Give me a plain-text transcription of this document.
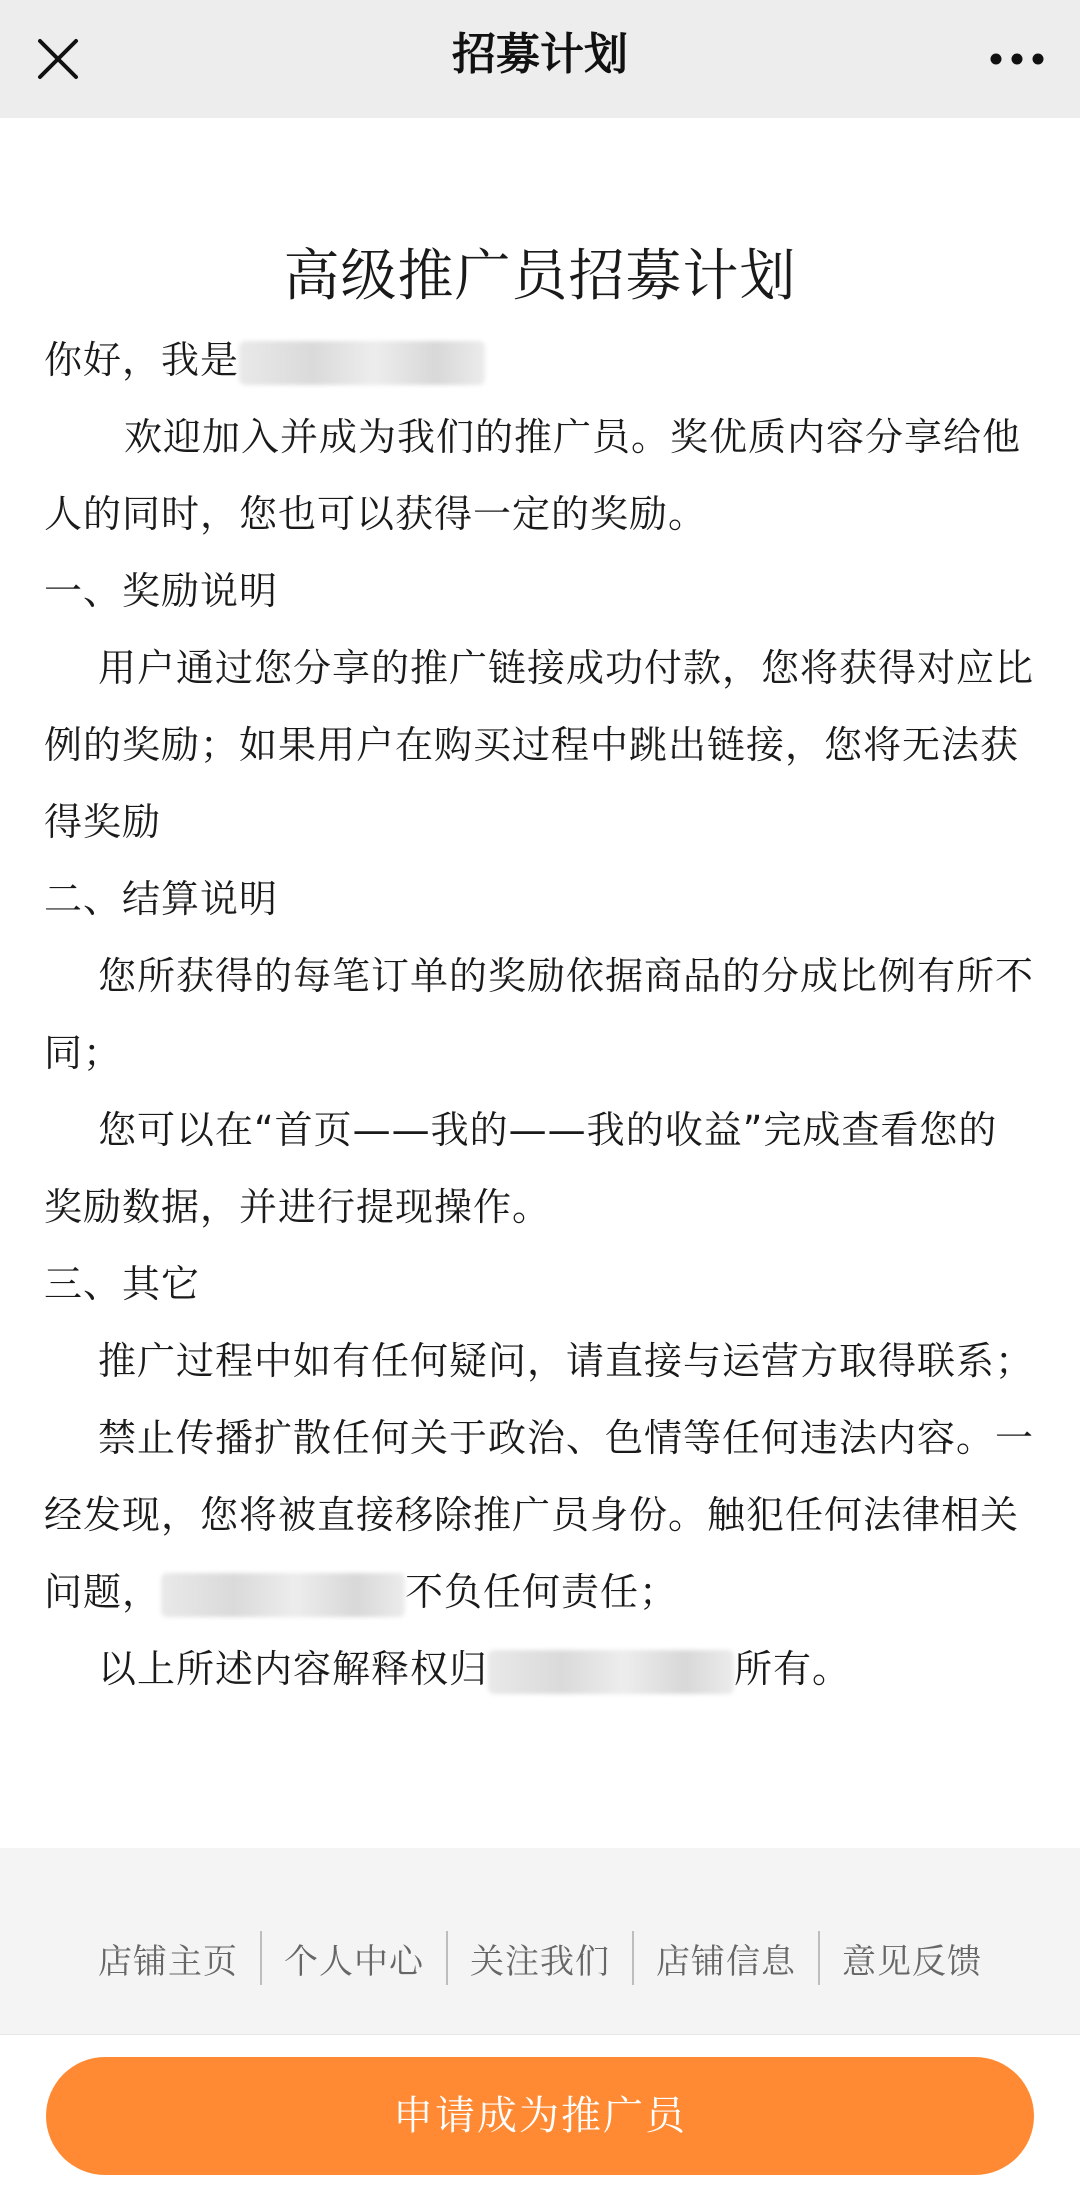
招募计划
高级推广员招募计划

你好，我是

欢迎加入并成为我们的推广员。奖优质内容分享给他人的同时，您也可以获得一定的奖励。

一、奖励说明

用户通过您分享的推广链接成功付款，您将获得对应比例的奖励；如果用户在购买过程中跳出链接，您将无法获得奖励

二、结算说明

您所获得的每笔订单的奖励依据商品的分成比例有所不同；

您可以在“首页——我的——我的收益”完成查看您的奖励数据，并进行提现操作。

三、其它

推广过程中如有任何疑问，请直接与运营方取得联系；

禁止传播扩散任何关于政治、色情等任何违法内容。一经发现，您将被直接移除推广员身份。触犯任何法律相关问题，	不负任何责任；

以上所述内容解释权归	所有。

店铺主页	个人中心	关注我们	店铺信息	意见反馈
申请成为推广员
